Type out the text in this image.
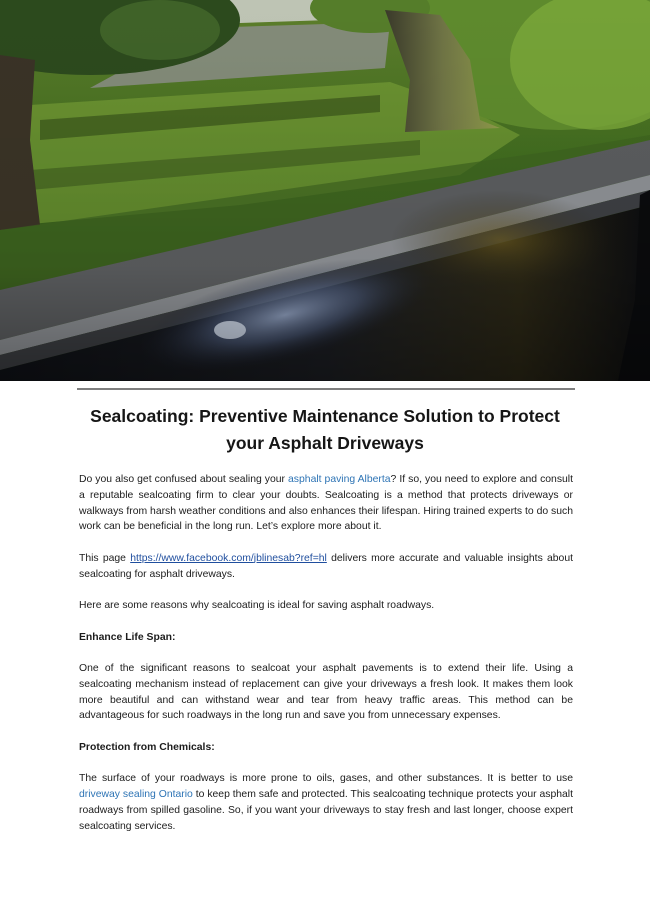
Sealcoating: Preventive Maintenance Solution to Protect your Asphalt Driveways

Do you also get confused about sealing your asphalt paving Alberta? If so, you need to explore and consult a reputable sealcoating firm to clear your doubts. Sealcoating is a method that protects driveways or walkways from harsh weather conditions and also enhances their lifespan. Hiring trained experts to do such work can be beneficial in the long run. Let’s explore more about it.

This page https://www.facebook.com/jblinesab?ref=hl delivers more accurate and valuable insights about sealcoating for asphalt driveways.

Here are some reasons why sealcoating is ideal for saving asphalt roadways.

Enhance Life Span:

One of the significant reasons to sealcoat your asphalt pavements is to extend their life. Using a sealcoating mechanism instead of replacement can give your driveways a fresh look. It makes them look more beautiful and can withstand wear and tear from heavy traffic areas. This method can be advantageous for such roadways in the long run and save you from unnecessary expenses.

Protection from Chemicals:

The surface of your roadways is more prone to oils, gases, and other substances. It is better to use driveway sealing Ontario to keep them safe and protected. This sealcoating technique protects your asphalt roadways from spilled gasoline. So, if you want your driveways to stay fresh and last longer, choose expert sealcoating services.
